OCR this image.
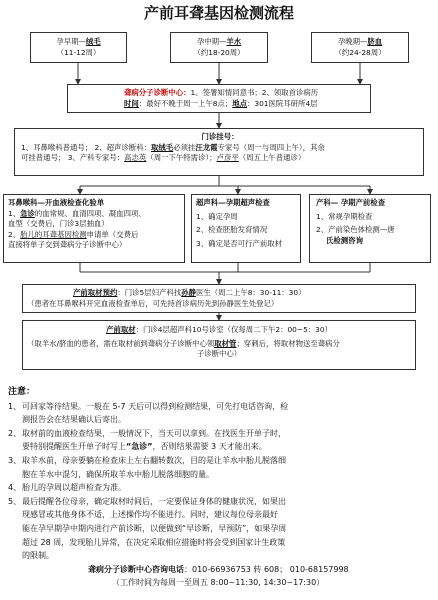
产前耳聋基因检测流程
孕早期—绒毛
（11-12周）
孕中期—羊水
（约18-20周）
孕晚期—脐血
（约24-28周）
聋病分子诊断中心：1、签署知情同意书；2、领取首诊病历
时间：最好不晚于周一上午8点；地点：301医院耳研所4层
门诊挂号：
1、耳鼻喉科普通号； 2、超声诊断科：取绒毛必须挂汪龙霞专家号（周一与周四上午），其余
可挂普通号； 3、产科专家号：高志英（周一下午特需诊）；卢彦平（周五上午普通诊）
耳鼻喉科—开血液检查化验单
1、急诊的血常规、血清四项、凝血四项、
血型（交费后，门诊3层抽血）
2、胎儿的耳聋基因检测申请单（交费后
直接将单子交到聋病分子诊断中心）
超声科—孕期超声检查
1、确定孕周
2、检查胚胎发育情况
3、确定是否可行产前取材
产科— 孕期产前检查
1、常规孕期检查
2、产前染色体检测—唐
氏检测咨询
产前取材预约：门诊5层妇产科找孙静医生（周二上午8：30-11：30）
（患者在耳鼻喉科开完血液检查单后，可先持首诊病历先到孙静医生处登记）
产前取材：门诊4层超声科10号诊室（仅每周二下午2：00~5：30）
（取羊水/脐血的患者，需在取材前到聋病分子诊断中心领取材管；穿刺后，将取材物送至聋病分
子诊断中心）
注意：
1、 可回家等待结果。一般在 5-7 天后可以得到检测结果，可先打电话咨询，检
测报告会在结果确认后寄出。
2、 取材前的血液检查结果，一般情况下，当天可以拿到。在找医生开单子时，
要特别提醒医生开单子时写上“急诊”，否则结果需要 3 天才能出来。
3、 取羊水前，母亲要躺在检查床上左右翻转数次，目的是让羊水中胎儿脱落细
胞在羊水中混匀，确保所取羊水中胎儿脱落细胞的量。
4、 胎儿的孕周以超声检查为准。
5、 最后提醒各位母亲，确定取材时间后，一定要保证身体的健康状况，如果出
现感冒或其他身体不适，上述操作均不能进行。同时，建议每位母亲最好
能在孕早期孕中期内进行产前诊断，以便做到“早诊断，早预防”，如果孕周
超过 28 周，发现胎儿异常，在决定采取相应措施时将会受到国家计生政策
的限制。
聋病分子诊断中心咨询电话：010-66936753 转 608； 010-68157998
（工作时间为每周一至周五 8:00~11:30, 14:30~17:30）
